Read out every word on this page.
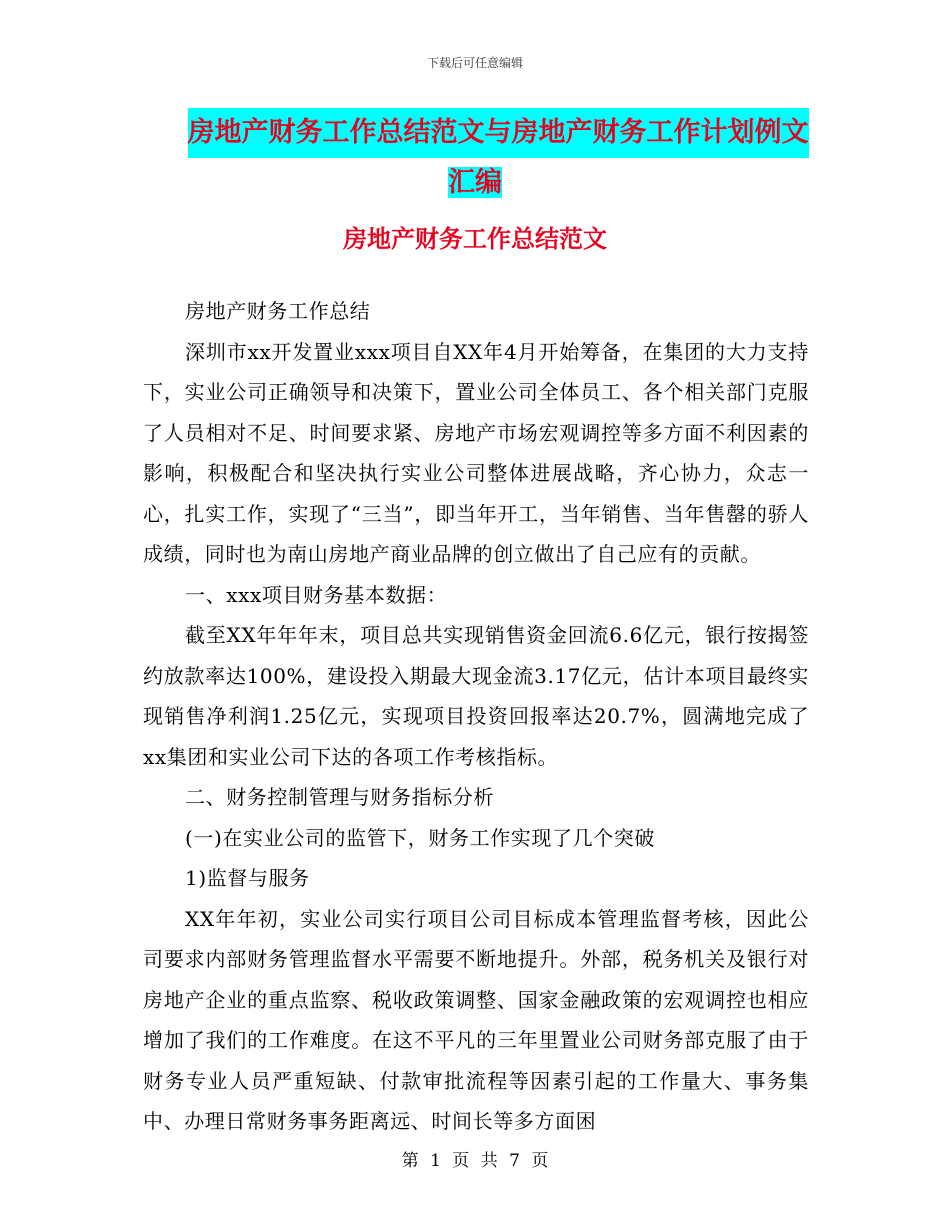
下载后可任意编辑
房地产财务工作总结范文与房地产财务工作计划例文
汇编
房地产财务工作总结范文

房地产财务工作总结

深圳市xx开发置业xxx项目自XX年4月开始筹备，在集团的大力支持下，实业公司正确领导和决策下，置业公司全体员工、各个相关部门克服了人员相对不足、时间要求紧、房地产市场宏观调控等多方面不利因素的影响，积极配合和坚决执行实业公司整体进展战略，齐心协力，众志一心，扎实工作，实现了“三当”，即当年开工，当年销售、当年售罄的骄人成绩，同时也为南山房地产商业品牌的创立做出了自己应有的贡献。

一、xxx项目财务基本数据：

截至XX年年年末，项目总共实现销售资金回流6.6亿元，银行按揭签约放款率达100%，建设投入期最大现金流3.17亿元，估计本项目最终实现销售净利润1.25亿元，实现项目投资回报率达20.7%，圆满地完成了xx集团和实业公司下达的各项工作考核指标。

二、财务控制管理与财务指标分析

(一)在实业公司的监管下，财务工作实现了几个突破

1)监督与服务

XX年年初，实业公司实行项目公司目标成本管理监督考核，因此公司要求内部财务管理监督水平需要不断地提升。外部，税务机关及银行对房地产企业的重点监察、税收政策调整、国家金融政策的宏观调控也相应增加了我们的工作难度。在这不平凡的三年里置业公司财务部克服了由于财务专业人员严重短缺、付款审批流程等因素引起的工作量大、事务集中、办理日常财务事务距离远、时间长等多方面困

第 1 页 共 7 页
